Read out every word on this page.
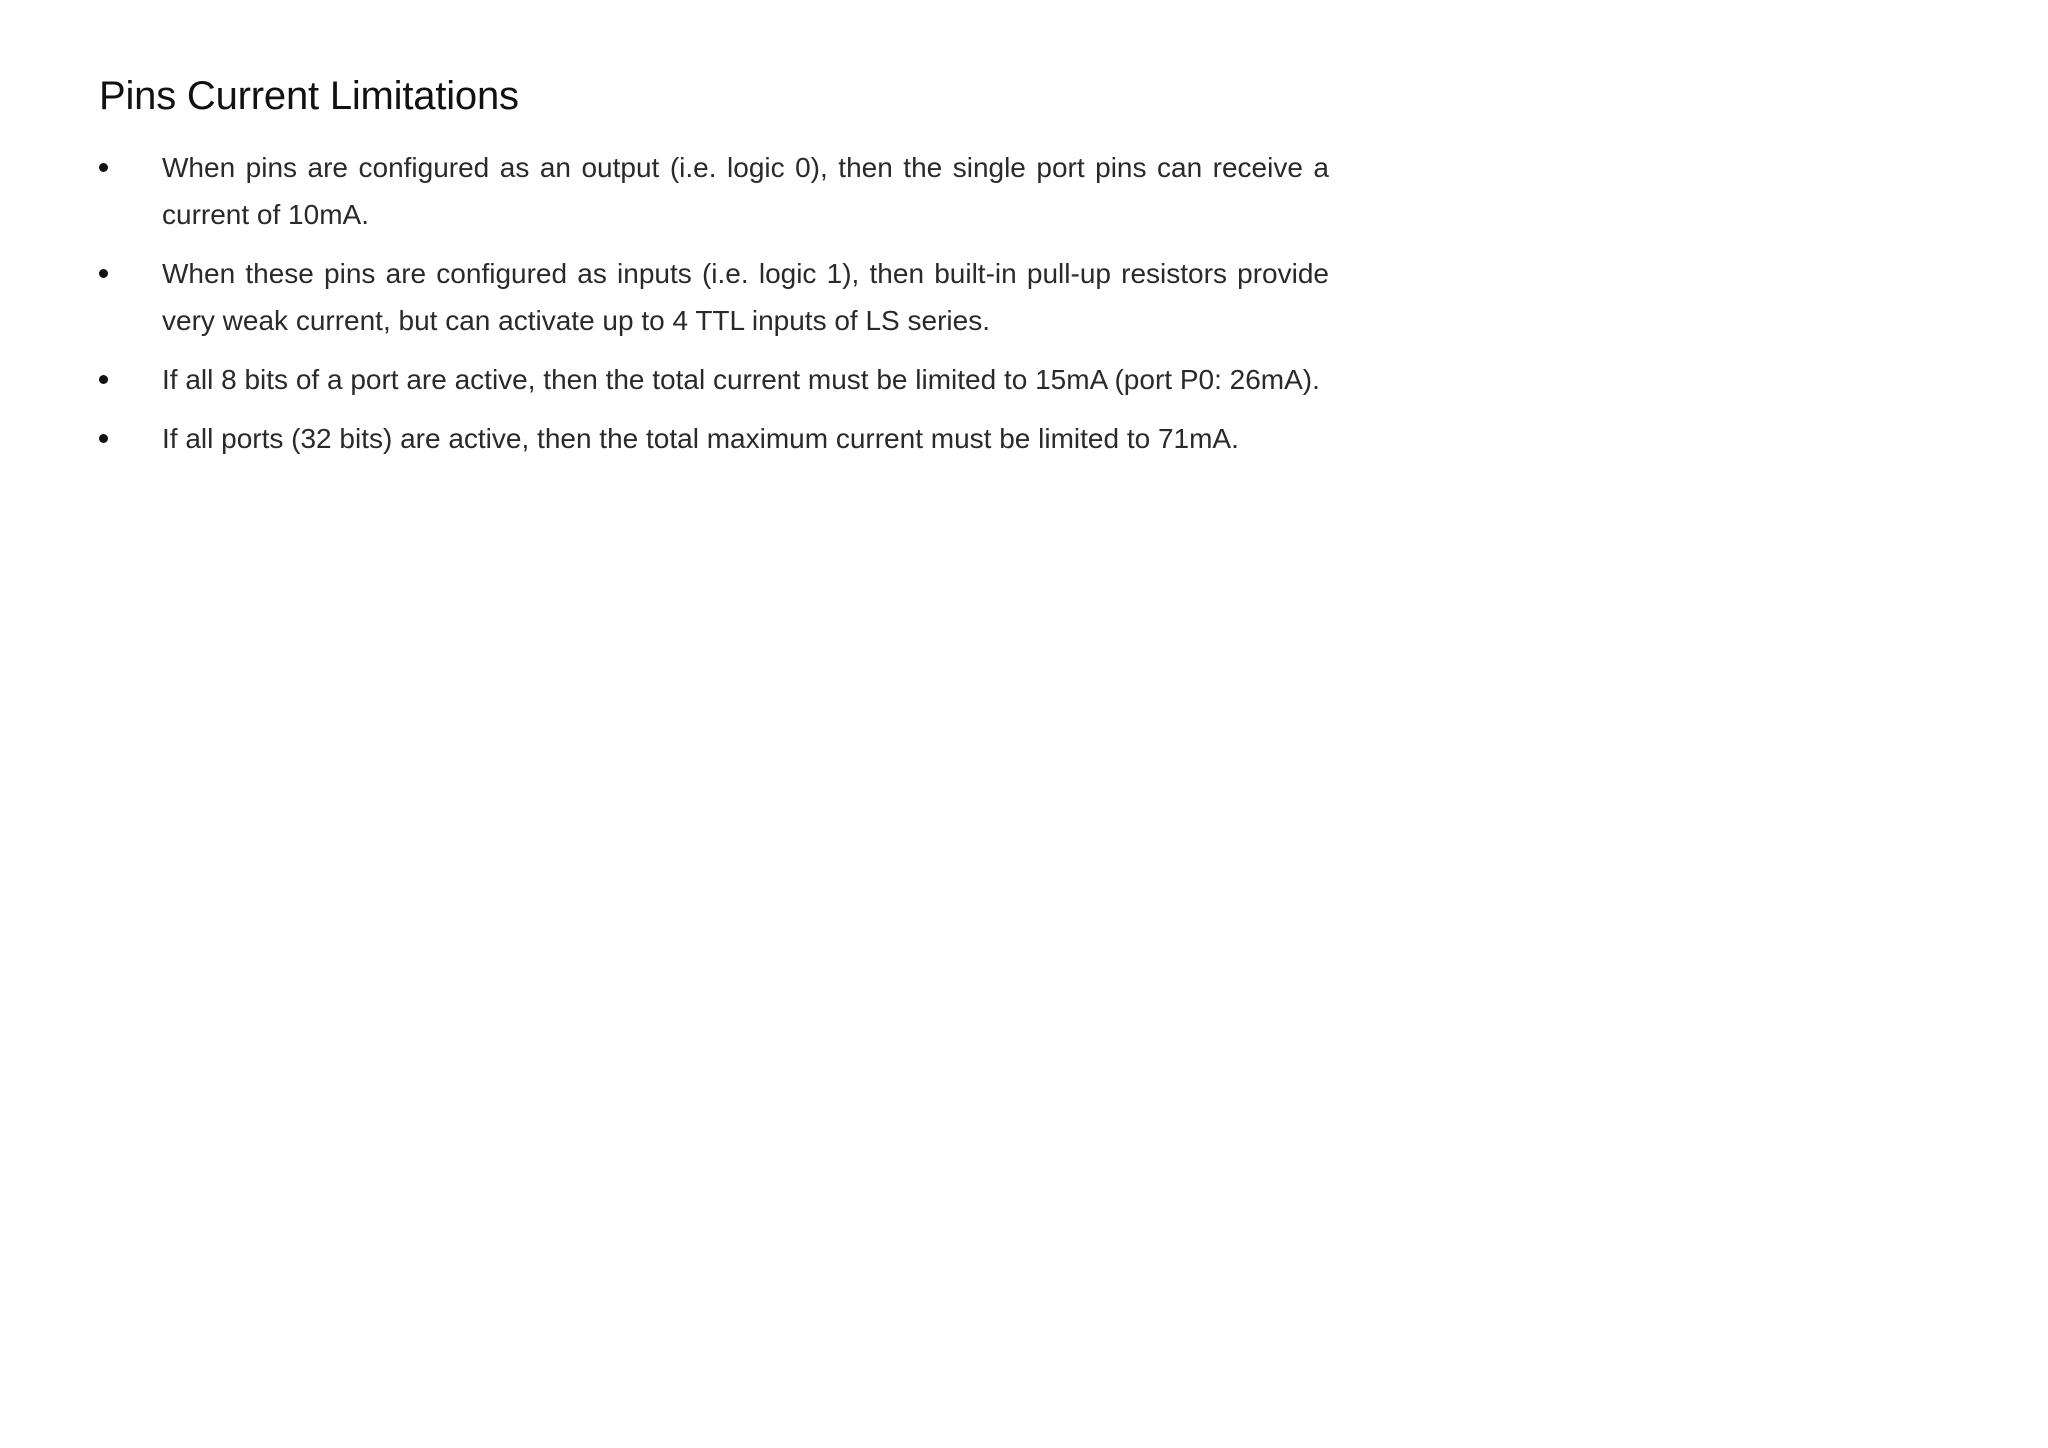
Pins Current Limitations
When pins are configured as an output (i.e. logic 0), then the single port pins can receive a current of 10mA.
When these pins are configured as inputs (i.e. logic 1), then built-in pull-up resistors provide very weak current, but can activate up to 4 TTL inputs of LS series.
If all 8 bits of a port are active, then the total current must be limited to 15mA (port P0: 26mA).
If all ports (32 bits) are active, then the total maximum current must be limited to 71mA.
